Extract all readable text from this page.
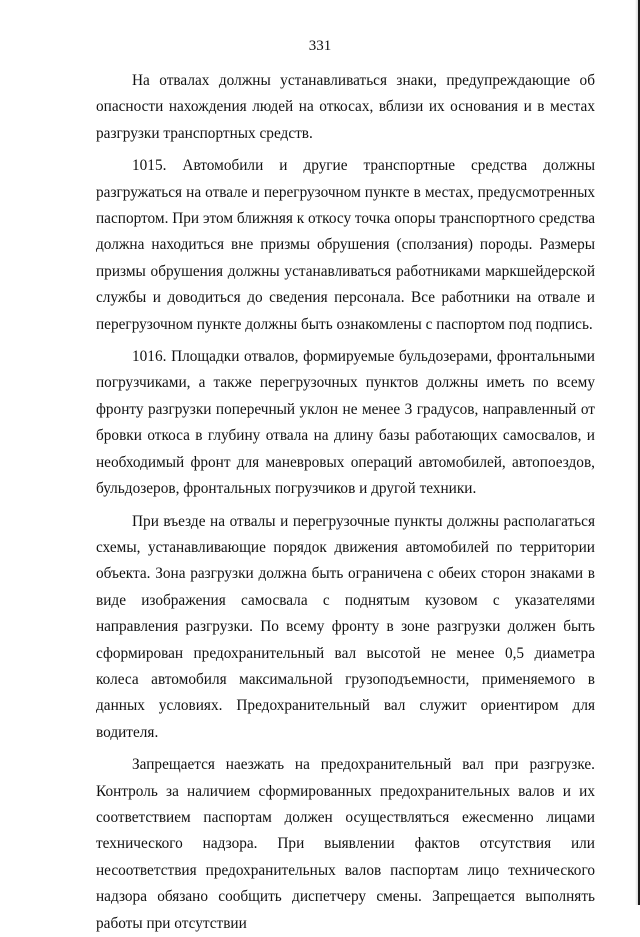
331

На отвалах должны устанавливаться знаки, предупреждающие об опасности нахождения людей на откосах, вблизи их основания и в местах разгрузки транспортных средств.

1015. Автомобили и другие транспортные средства должны разгружаться на отвале и перегрузочном пункте в местах, предусмотренных паспортом. При этом ближняя к откосу точка опоры транспортного средства должна находиться вне призмы обрушения (сползания) породы. Размеры призмы обрушения должны устанавливаться работниками маркшейдерской службы и доводиться до сведения персонала. Все работники на отвале и перегрузочном пункте должны быть ознакомлены с паспортом под подпись.

1016. Площадки отвалов, формируемые бульдозерами, фронтальными погрузчиками, а также перегрузочных пунктов должны иметь по всему фронту разгрузки поперечный уклон не менее 3 градусов, направленный от бровки откоса в глубину отвала на длину базы работающих самосвалов, и необходимый фронт для маневровых операций автомобилей, автопоездов, бульдозеров, фронтальных погрузчиков и другой техники.

При въезде на отвалы и перегрузочные пункты должны располагаться схемы, устанавливающие порядок движения автомобилей по территории объекта. Зона разгрузки должна быть ограничена с обеих сторон знаками в виде изображения самосвала с поднятым кузовом с указателями направления разгрузки. По всему фронту в зоне разгрузки должен быть сформирован предохранительный вал высотой не менее 0,5 диаметра колеса автомобиля максимальной грузоподъемности, применяемого в данных условиях. Предохранительный вал служит ориентиром для водителя.

Запрещается наезжать на предохранительный вал при разгрузке. Контроль за наличием сформированных предохранительных валов и их соответствием паспортам должен осуществляться ежесменно лицами технического надзора. При выявлении фактов отсутствия или несоответствия предохранительных валов паспортам лицо технического надзора обязано сообщить диспетчеру смены. Запрещается выполнять работы при отсутствии
